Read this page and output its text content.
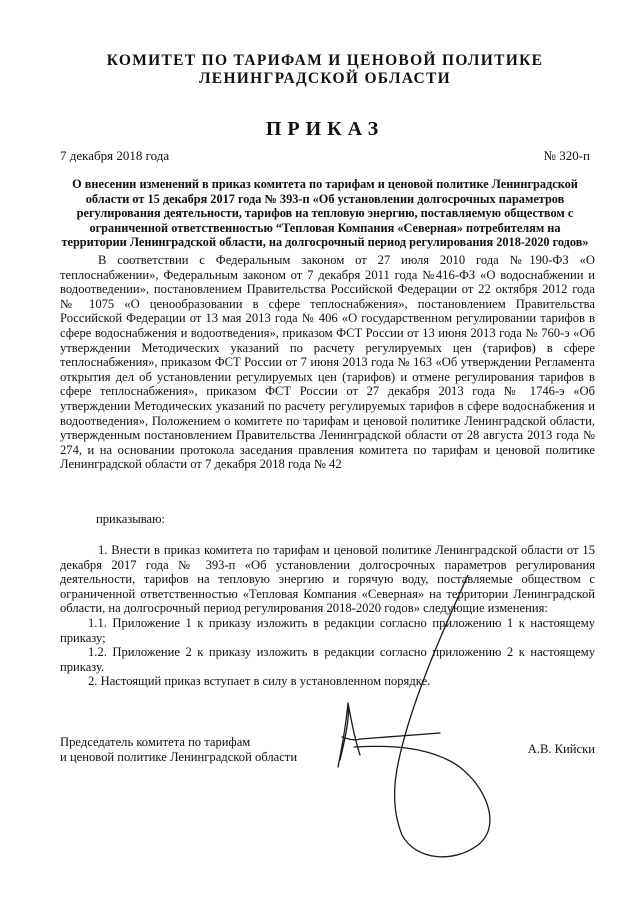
КОМИТЕТ ПО ТАРИФАМ И ЦЕНОВОЙ ПОЛИТИКЕ
ЛЕНИНГРАДСКОЙ ОБЛАСТИ
ПРИКАЗ
7 декабря 2018 года	№ 320-п
О внесении изменений в приказ комитета по тарифам и ценовой политике Ленинградской области от 15 декабря 2017 года № 393-п «Об установлении долгосрочных параметров регулирования деятельности, тарифов на тепловую энергию, поставляемую обществом с ограниченной ответственностью “Тепловая Компания «Северная» потребителям на территории Ленинградской области, на долгосрочный период регулирования 2018-2020 годов»

В соответствии с Федеральным законом от 27 июля 2010 года №190-ФЗ «О теплоснабжении», Федеральным законом от 7 декабря 2011 года №416-ФЗ «О водоснабжении и водоотведении», постановлением Правительства Российской Федерации от 22 октября 2012 года № 1075 «О ценообразовании в сфере теплоснабжения», постановлением Правительства Российской Федерации от 13 мая 2013 года № 406 «О государственном регулировании тарифов в сфере водоснабжения и водоотведения», приказом ФСТ России от 13 июня 2013 года № 760-э «Об утверждении Методических указаний по расчету регулируемых цен (тарифов) в сфере теплоснабжения», приказом ФСТ России от 7 июня 2013 года № 163 «Об утверждении Регламента открытия дел об установлении регулируемых цен (тарифов) и отмене регулирования тарифов в сфере теплоснабжения», приказом ФСТ России от 27 декабря 2013 года № 1746-э «Об утверждении Методических указаний по расчету регулируемых тарифов в сфере водоснабжения и водоотведения», Положением о комитете по тарифам и ценовой политике Ленинградской области, утвержденным постановлением Правительства Ленинградской области от 28 августа 2013 года № 274, и на основании протокола заседания правления комитета по тарифам и ценовой политике Ленинградской области от 7 декабря 2018 года № 42

приказываю:

1. Внести в приказ комитета по тарифам и ценовой политике Ленинградской области от 15 декабря 2017 года № 393-п «Об установлении долгосрочных параметров регулирования деятельности, тарифов на тепловую энергию и горячую воду, поставляемые обществом с ограниченной ответственностью «Тепловая Компания «Северная» на территории Ленинградской области, на долгосрочный период регулирования 2018-2020 годов» следующие изменения:

1.1. Приложение 1 к приказу изложить в редакции согласно приложению 1 к настоящему приказу;

1.2. Приложение 2 к приказу изложить в редакции согласно приложению 2 к настоящему приказу.

2. Настоящий приказ вступает в силу в установленном порядке.

Председатель комитета по тарифам
и ценовой политике Ленинградской области
А.В. Кийски
